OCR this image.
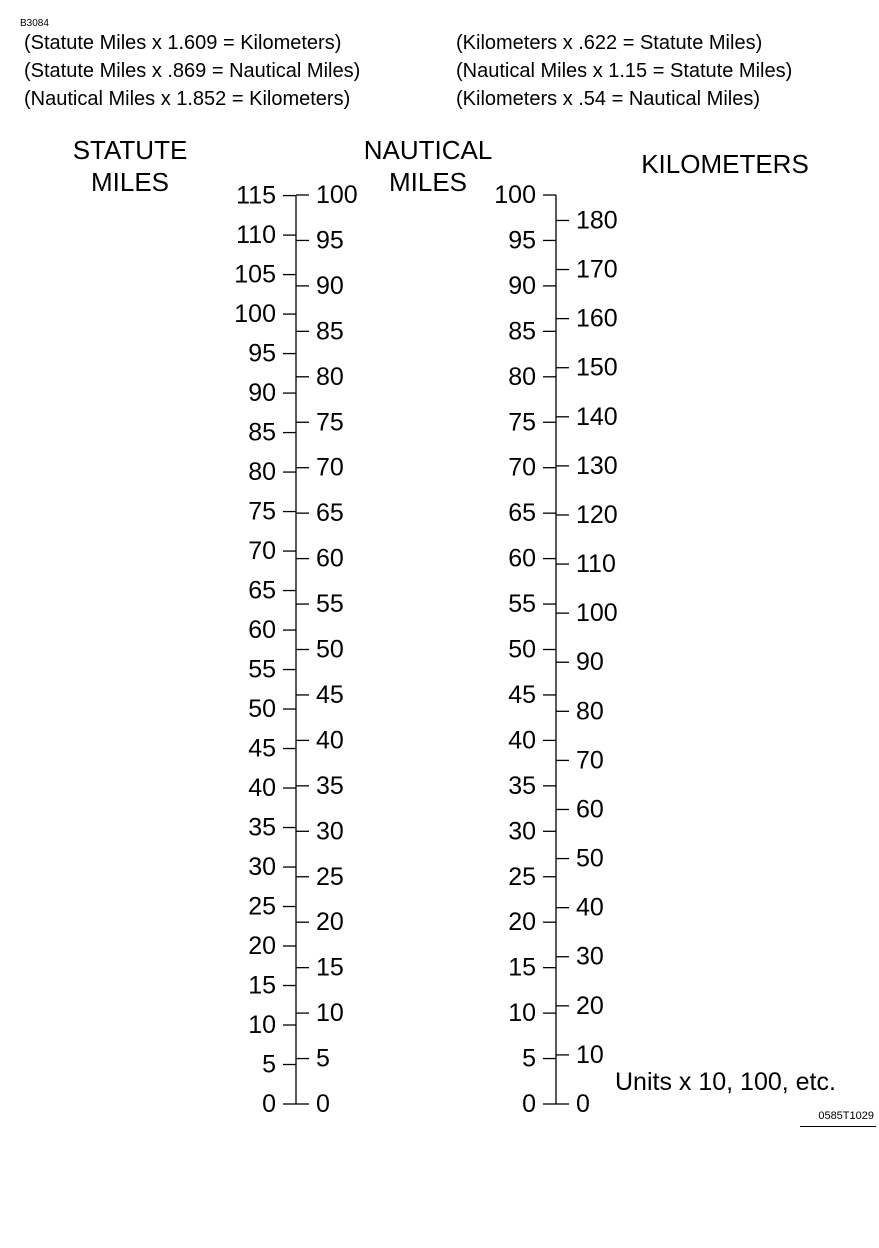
B3084
(Statute Miles x 1.609 = Kilometers)
(Statute Miles x .869 = Nautical Miles)
(Nautical Miles x 1.852 = Kilometers)
(Kilometers x .622 = Statute Miles)
(Nautical Miles x 1.15 = Statute Miles)
(Kilometers x .54 = Nautical Miles)
STATUTE
MILES
NAUTICAL
MILES
KILOMETERS
0
5
10
15
20
25
30
35
40
45
50
55
60
65
70
75
80
85
90
95
100
105
110
115
0
5
10
15
20
25
30
35
40
45
50
55
60
65
70
75
80
85
90
95
100
0
5
10
15
20
25
30
35
40
45
50
55
60
65
70
75
80
85
90
95
100
0
10
20
30
40
50
60
70
80
90
100
110
120
130
140
150
160
170
180
Units x 10, 100, etc.
0585T1029
